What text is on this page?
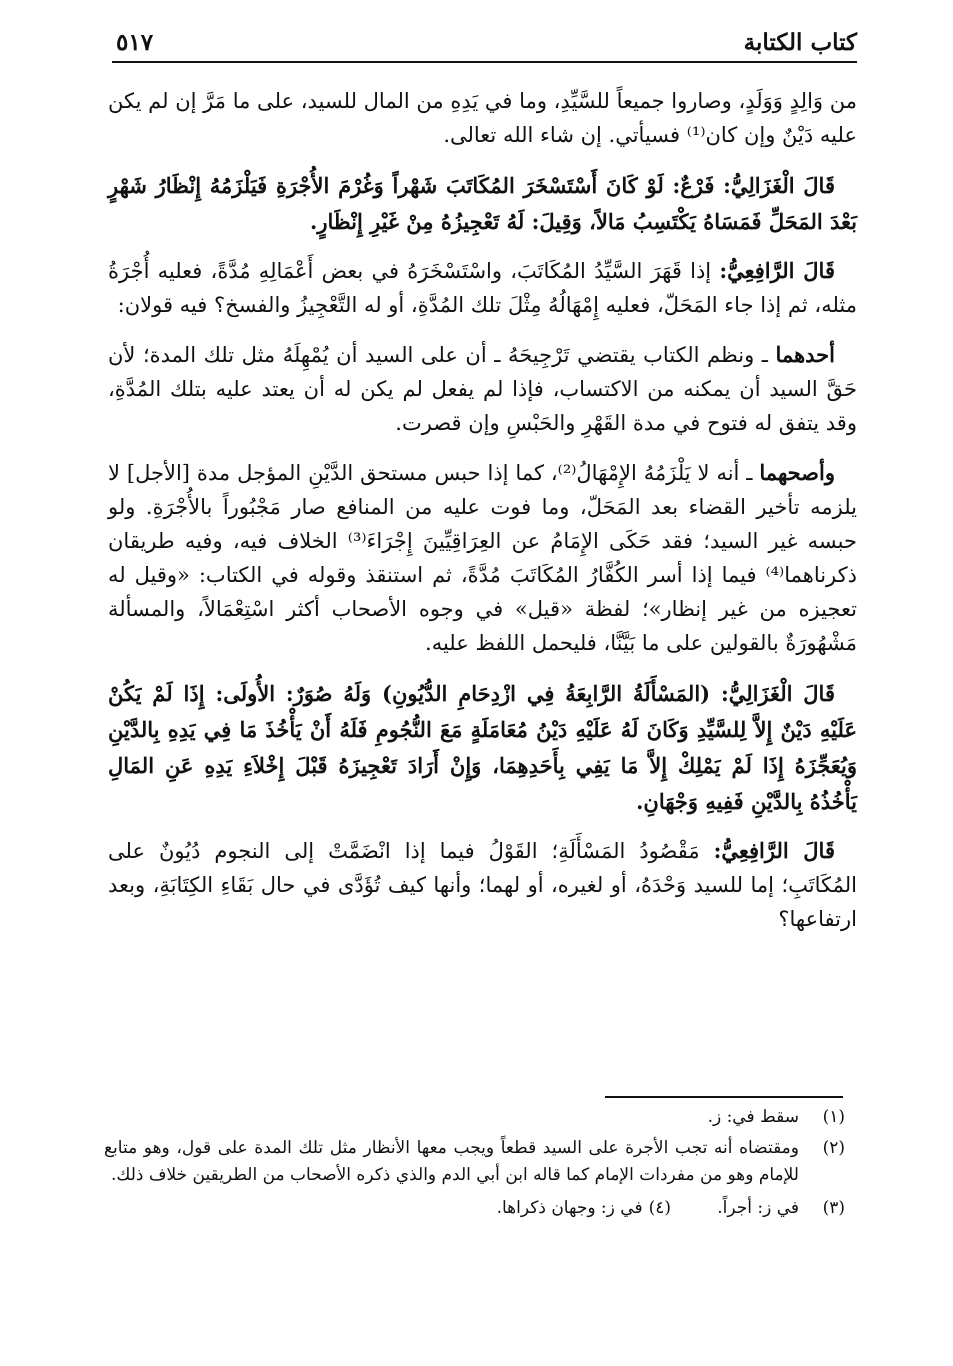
كتاب الكتابة
٥١٧

من وَالِدٍ وَوَلَدٍ، وصاروا جميعاً للسَّيِّدِ، وما في يَدِهِ من المال للسيد، على ما مَرَّ إن لم يكن عليه دَيْنٌ وإن كان⁽¹⁾ فسيأتي. إن شاء الله تعالى.

قَالَ الْغَزَالِيُّ: فَرْعٌ: لَوْ كَانَ أَسْتَسْخَرَ المُكَاتَبَ شَهْراً وَغُرْمَ الأُجْرَةِ فَيَلْزَمُهُ إِنْظَارُ شَهْرٍ بَعْدَ المَحَلِّ فَمَسَاهُ يَكْتَسِبُ مَالاً، وَقِيلَ: لَهُ تَعْجِيزُهُ مِنْ غَيْرِ إِنْظَارٍ.

قَالَ الرَّافِعِيُّ: إذا قَهَرَ السَّيِّدُ المُكَاتَبَ، واسْتَسْخَرَهُ في بعض أَعْمَالِهِ مُدَّةً، فعليه أُجْرَةُ مثله، ثم إذا جاء المَحَلّ، فعليه إِمْهَالُهُ مِثْلَ تلك المُدَّةِ، أو له التَّعْجِيزُ والفسخ؟ فيه قولان:

أحدهما ـ ونظم الكتاب يقتضي تَرْجِيحَهُ ـ أن على السيد أن يُمْهِلَهُ مثل تلك المدة؛ لأن حَقَّ السيد أن يمكنه من الاكتساب، فإذا لم يفعل لم يكن له أن يعتد عليه بتلك المُدَّةِ، وقد يتفق له فتوح في مدة القَهْرِ والحَبْسِ وإن قصرت.

وأصحهما ـ أنه لا يَلْزَمُهُ الإِمْهَالُ⁽²⁾، كما إذا حبس مستحق الدَّيْنِ المؤجل مدة [الأجل] لا يلزمه تأخير القضاء بعد المَحَلّ، وما فوت عليه من المنافع صار مَجْبُوراً بالأُجْرَةِ. ولو حبسه غير السيد؛ فقد حَكَى الإِمَامُ عن العِرَاقِيِّينَ إِجْرَاءَ⁽³⁾ الخلاف فيه، وفيه طريقان ذكرناهما⁽⁴⁾ فيما إذا أسر الكُفَّارُ المُكَاتَبَ مُدَّةً، ثم استنقذ وقوله في الكتاب: «وقيل له تعجيزه من غير إنظار»؛ لفظة «قيل» في وجوه الأصحاب أكثر اسْتِعْمَالاً، والمسألة مَشْهُورَةٌ بالقولين على ما بَيَّنَّا، فليحمل اللفظ عليه.

قَالَ الْغَزَالِيُّ: (المَسْأَلَةُ الرَّابِعَةُ فِي ازْدِحَامِ الدُّيُونِ) وَلَهُ صُوَرٌ: الأُولَى: إِذَا لَمْ يَكُنْ عَلَيْهِ دَيْنٌ إِلاَّ لِلسَّيِّدِ وَكَانَ لَهُ عَلَيْهِ دَيْنُ مُعَامَلَةٍ مَعَ النُّجُومِ فَلَهُ أَنْ يَأْخُذَ مَا فِي يَدِهِ بِالدَّيْنِ وَيُعَجِّزَهُ إِذَا لَمْ يَمْلِكْ إِلاَّ مَا يَفِي بِأَحَدِهِمَا، وَإِنْ أَرَادَ تَعْجِيزَهُ قَبْلَ إِخْلاَءِ يَدِهِ عَنِ المَالِ يَأْخُذُهُ بِالدَّيْنِ فَفِيهِ وَجْهَانِ.

قَالَ الرَّافِعِيُّ: مَقْصُودُ المَسْأَلَةِ؛ القَوْلُ فيما إذا انْضَمَّتْ إلى النجوم دُيُونٌ على المُكَاتَبِ؛ إما للسيد وَحْدَهُ، أو لغيره، أو لهما؛ وأنها كيف تُؤَدَّى في حال بَقَاءِ الكِتَابَةِ، وبعد ارتفاعها؟

(١)
سقط في: ز.
(٢)
ومقتضاه أنه تجب الأجرة على السيد قطعاً ويجب معها الأنظار مثل تلك المدة على قول، وهو متابع للإمام وهو من مفردات الإمام كما قاله ابن أبي الدم والذي ذكره الأصحاب من الطريقين خلاف ذلك.
(٣)
في ز: أجراً.
(٤)
في ز: وجهان ذكراها.
